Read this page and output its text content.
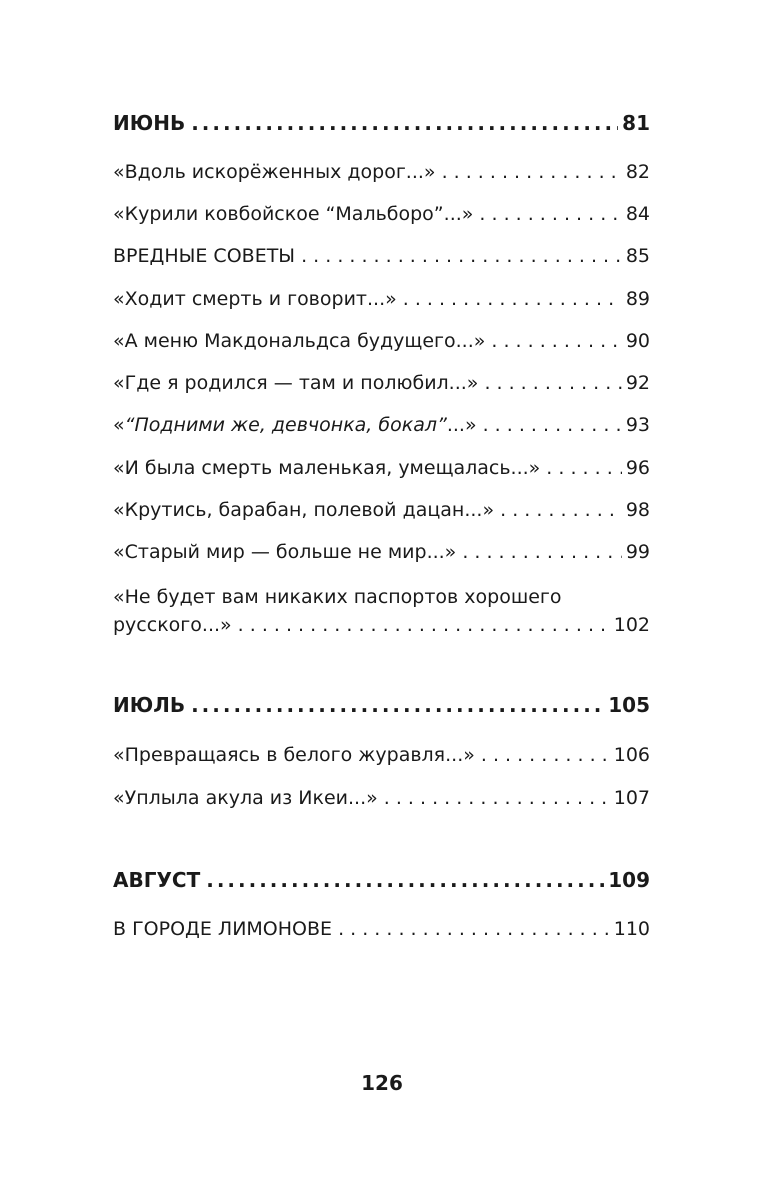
ИЮНЬ .....	81
«Вдоль искорёженных дорог...» . . .	82
«Курили ковбойское “Мальборо”...» . . .	84
ВРЕДНЫЕ СОВЕТЫ . . .	85
«Ходит смерть и говорит...» . . .	89
«А меню Макдональдса будущего...» . . .	90
«Где я родился — там и полюбил...» . . .	92
«“Подними же, девчонка, бокал”...» . . .	93
«И была смерть маленькая, умещалась...» . . .	96
«Крутись, барабан, полевой дацан...» . . .	98
«Старый мир — больше не мир...» . . .	99
«Не будет вам никаких паспортов хорошего
русского...» . . .	102
ИЮЛЬ .....	105
«Превращаясь в белого журавля...» . . .	106
«Уплыла акула из Икеи...» . . .	107
АВГУСТ .....	109
В ГОРОДЕ ЛИМОНОВЕ . . .	110
126
